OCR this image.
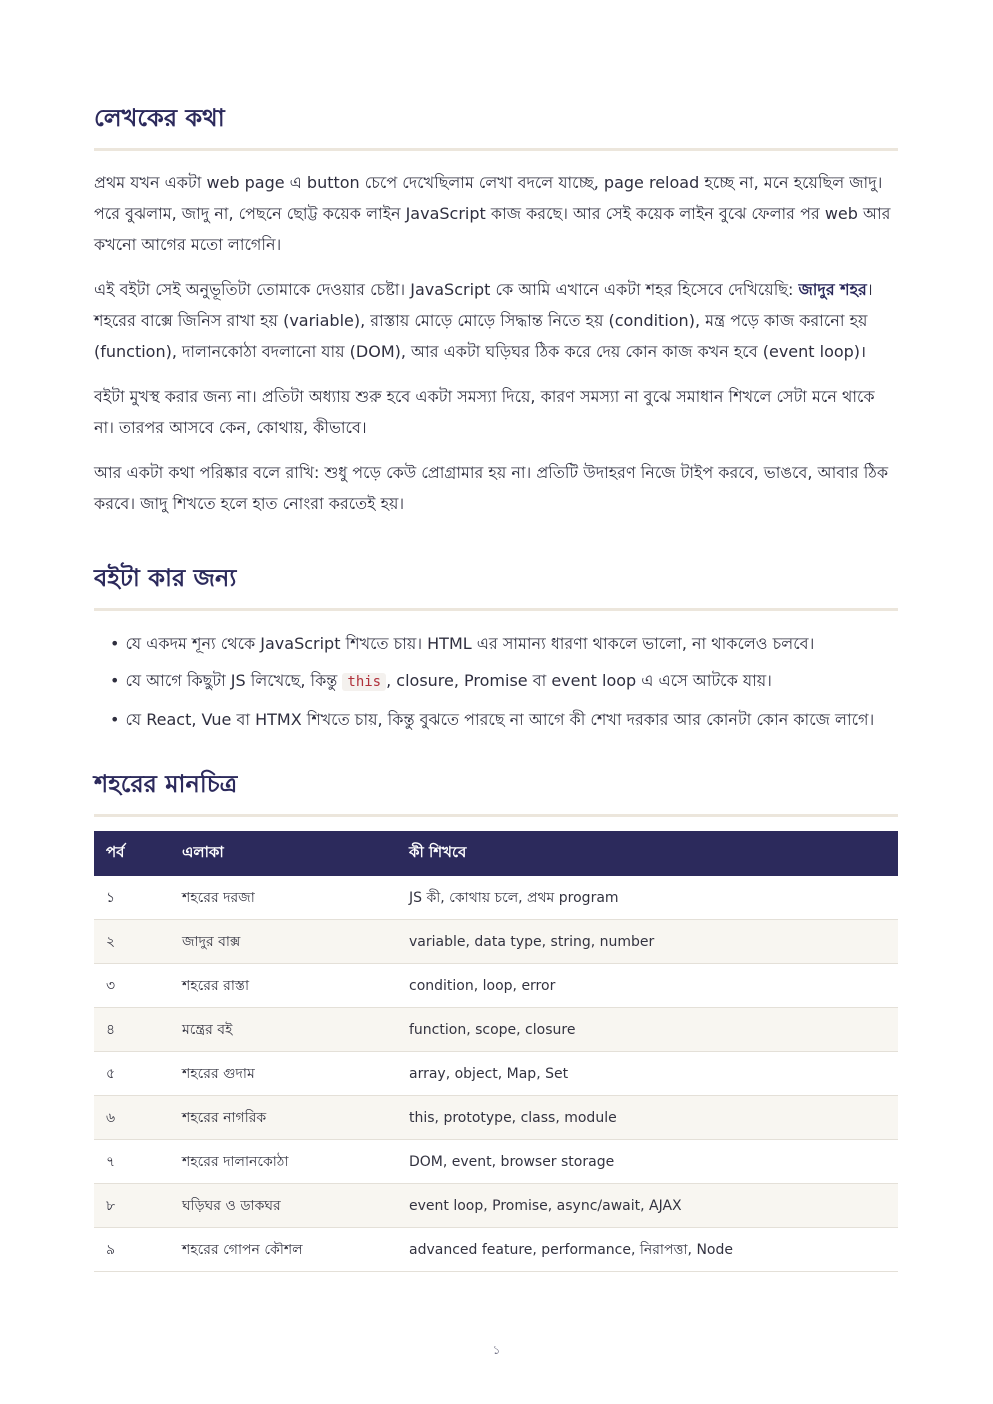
লেখকের কথা

প্রথম যখন একটা web page এ button চেপে দেখেছিলাম লেখা বদলে যাচ্ছে, page reload হচ্ছে না, মনে হয়েছিল জাদু। পরে বুঝলাম, জাদু না, পেছনে ছোট্ট কয়েক লাইন JavaScript কাজ করছে। আর সেই কয়েক লাইন বুঝে ফেলার পর web আর কখনো আগের মতো লাগেনি।

এই বইটা সেই অনুভূতিটা তোমাকে দেওয়ার চেষ্টা। JavaScript কে আমি এখানে একটা শহর হিসেবে দেখিয়েছি: জাদুর শহর। শহরের বাক্সে জিনিস রাখা হয় (variable), রাস্তায় মোড়ে মোড়ে সিদ্ধান্ত নিতে হয় (condition), মন্ত্র পড়ে কাজ করানো হয় (function), দালানকোঠা বদলানো যায় (DOM), আর একটা ঘড়িঘর ঠিক করে দেয় কোন কাজ কখন হবে (event loop)।

বইটা মুখস্থ করার জন্য না। প্রতিটা অধ্যায় শুরু হবে একটা সমস্যা দিয়ে, কারণ সমস্যা না বুঝে সমাধান শিখলে সেটা মনে থাকে না। তারপর আসবে কেন, কোথায়, কীভাবে।

আর একটা কথা পরিষ্কার বলে রাখি: শুধু পড়ে কেউ প্রোগ্রামার হয় না। প্রতিটি উদাহরণ নিজে টাইপ করবে, ভাঙবে, আবার ঠিক করবে। জাদু শিখতে হলে হাত নোংরা করতেই হয়।

বইটা কার জন্য
• যে একদম শূন্য থেকে JavaScript শিখতে চায়। HTML এর সামান্য ধারণা থাকলে ভালো, না থাকলেও চলবে।
• যে আগে কিছুটা JS লিখেছে, কিন্তু this , closure, Promise বা event loop এ এসে আটকে যায়।
• যে React, Vue বা HTMX শিখতে চায়, কিন্তু বুঝতে পারছে না আগে কী শেখা দরকার আর কোনটা কোন কাজে লাগে।
শহরের মানচিত্র
পর্ব	এলাকা	কী শিখবে
১	শহরের দরজা	JS কী, কোথায় চলে, প্রথম program
২	জাদুর বাক্স	variable, data type, string, number
৩	শহরের রাস্তা	condition, loop, error
৪	মন্ত্রের বই	function, scope, closure
৫	শহরের গুদাম	array, object, Map, Set
৬	শহরের নাগরিক	this, prototype, class, module
৭	শহরের দালানকোঠা	DOM, event, browser storage
৮	ঘড়িঘর ও ডাকঘর	event loop, Promise, async/await, AJAX
৯	শহরের গোপন কৌশল	advanced feature, performance, নিরাপত্তা, Node
১
